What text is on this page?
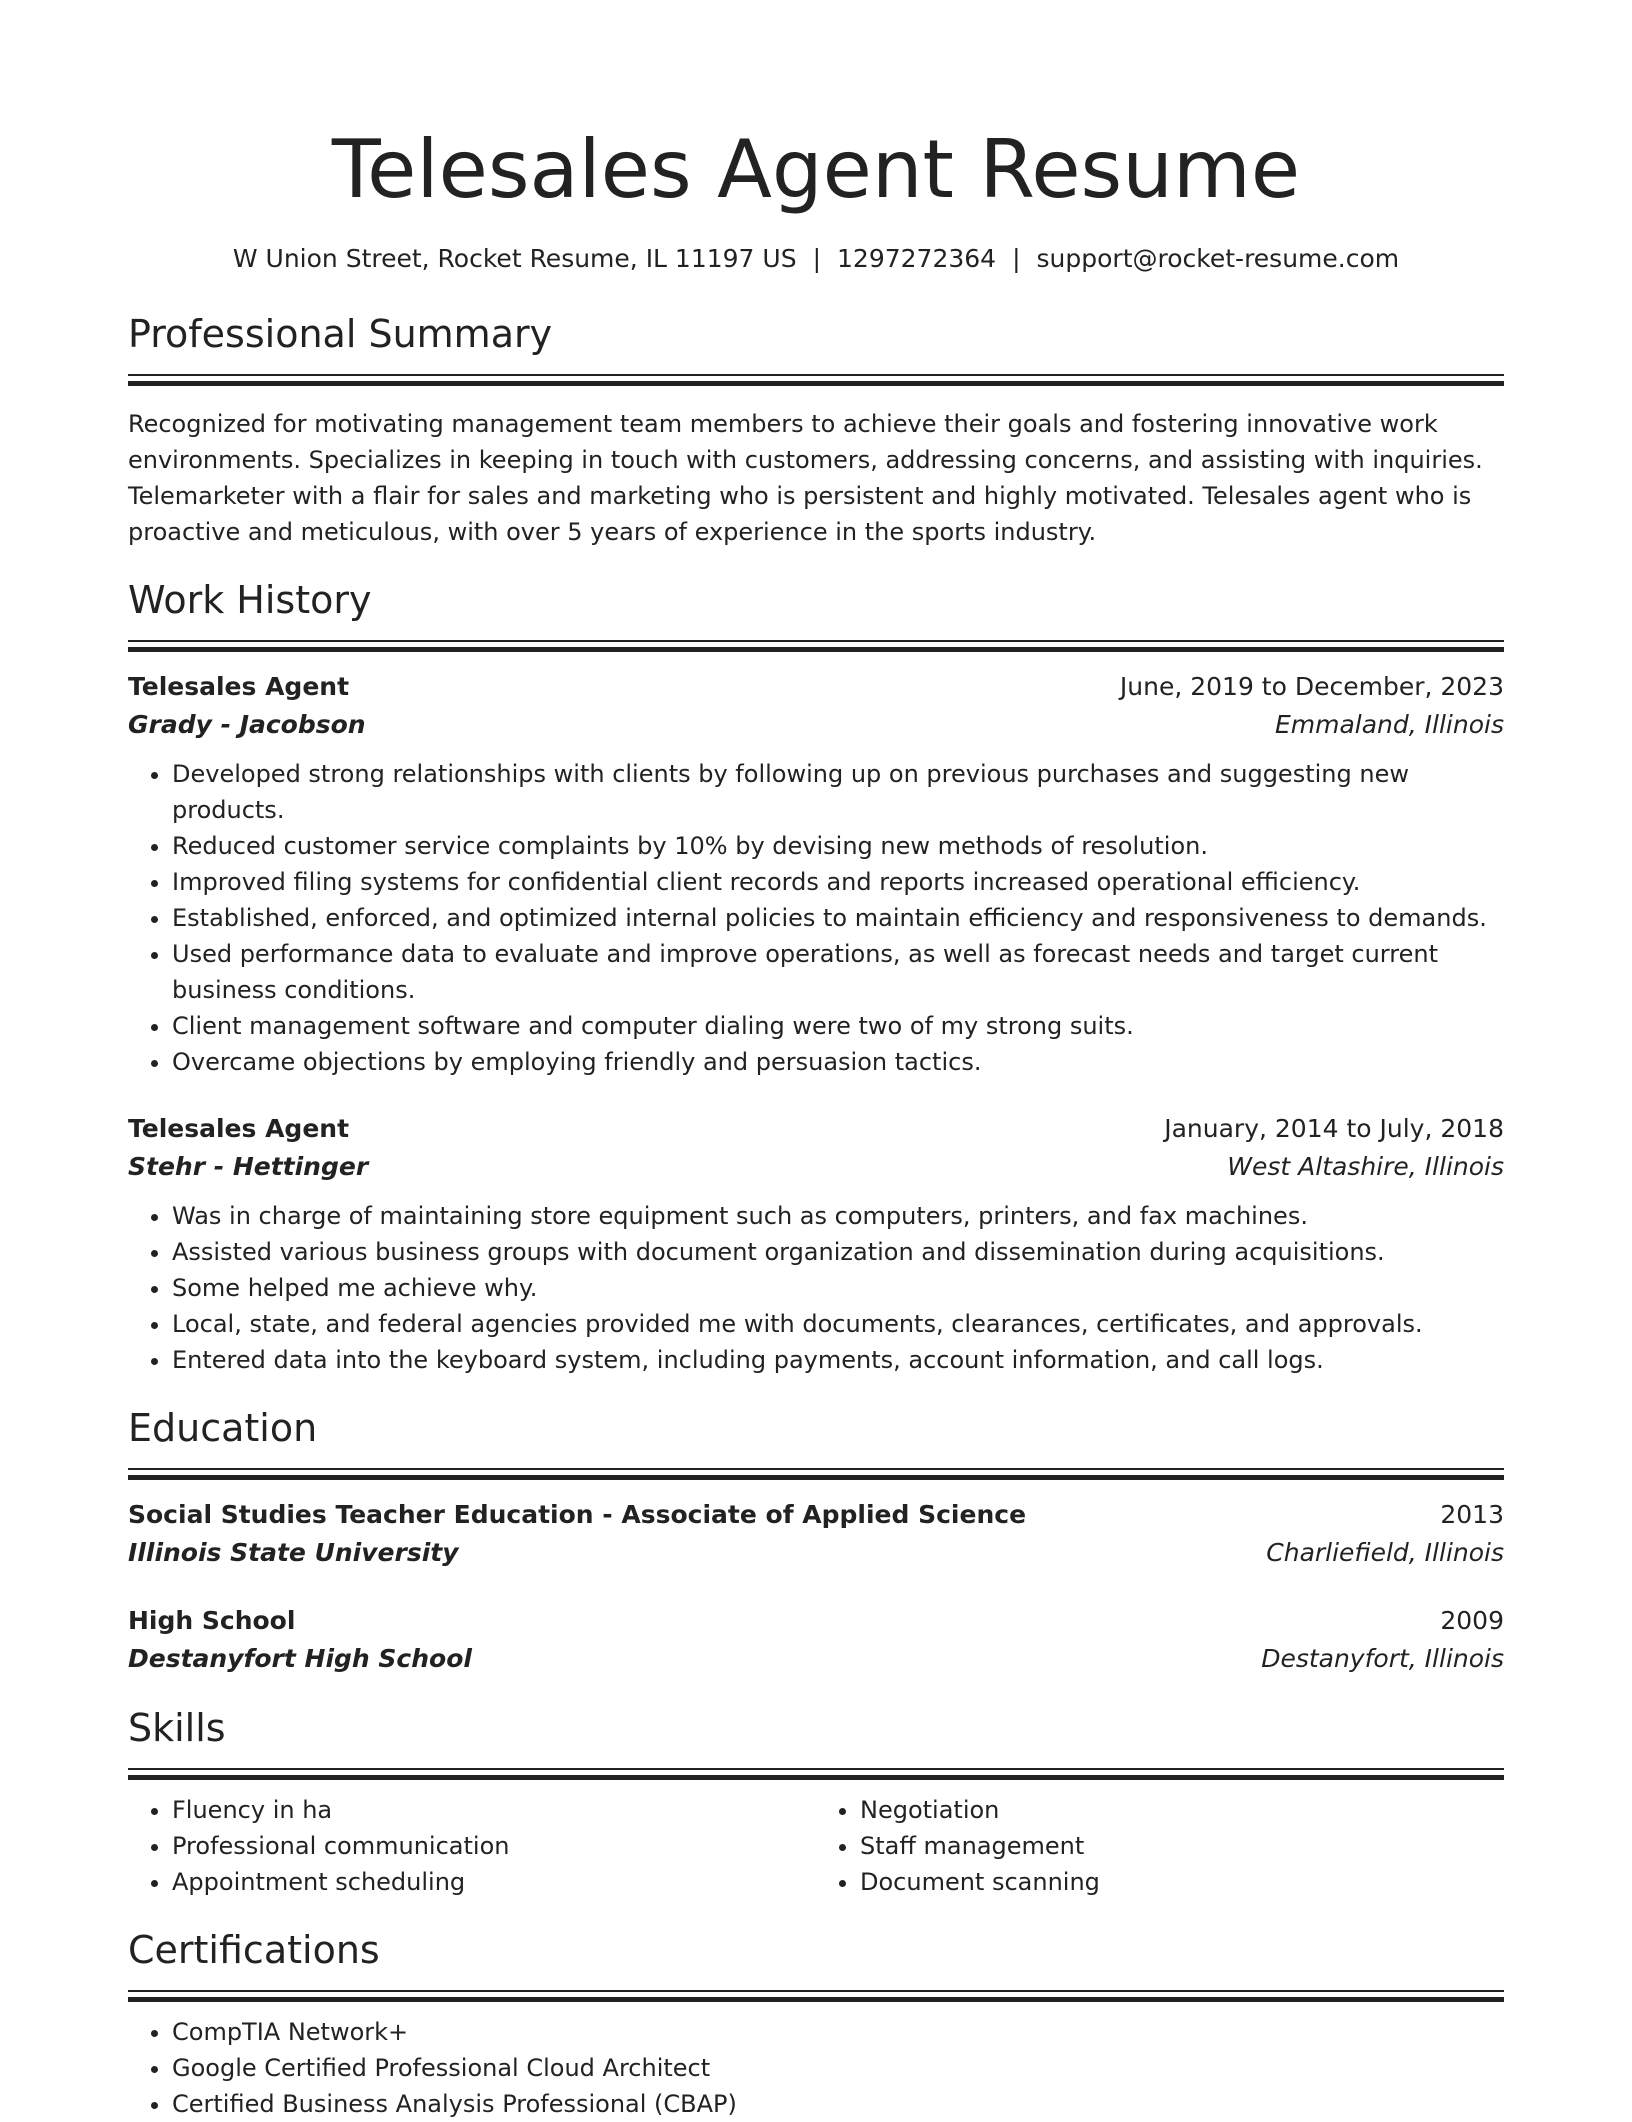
Telesales Agent Resume
W Union Street, Rocket Resume, IL 11197 US | 1297272364 | support@rocket-resume.com
Professional Summary
Recognized for motivating management team members to achieve their goals and fostering innovative work environments. Specializes in keeping in touch with customers, addressing concerns, and assisting with inquiries. Telemarketer with a flair for sales and marketing who is persistent and highly motivated. Telesales agent who is proactive and meticulous, with over 5 years of experience in the sports industry.
Work History
Telesales Agent	June, 2019 to December, 2023
Grady - Jacobson	Emmaland, Illinois
• Developed strong relationships with clients by following up on previous purchases and suggesting new products.
• Reduced customer service complaints by 10% by devising new methods of resolution.
• Improved filing systems for confidential client records and reports increased operational efficiency.
• Established, enforced, and optimized internal policies to maintain efficiency and responsiveness to demands.
• Used performance data to evaluate and improve operations, as well as forecast needs and target current business conditions.
• Client management software and computer dialing were two of my strong suits.
• Overcame objections by employing friendly and persuasion tactics.
Telesales Agent	January, 2014 to July, 2018
Stehr - Hettinger	West Altashire, Illinois
• Was in charge of maintaining store equipment such as computers, printers, and fax machines.
• Assisted various business groups with document organization and dissemination during acquisitions.
• Some helped me achieve why.
• Local, state, and federal agencies provided me with documents, clearances, certificates, and approvals.
• Entered data into the keyboard system, including payments, account information, and call logs.
Education
Social Studies Teacher Education - Associate of Applied Science	2013
Illinois State University	Charliefield, Illinois
High School	2009
Destanyfort High School	Destanyfort, Illinois
Skills
• Fluency in ha
• Professional communication
• Appointment scheduling
• Negotiation
• Staff management
• Document scanning
Certifications
• CompTIA Network+
• Google Certified Professional Cloud Architect
• Certified Business Analysis Professional (CBAP)
